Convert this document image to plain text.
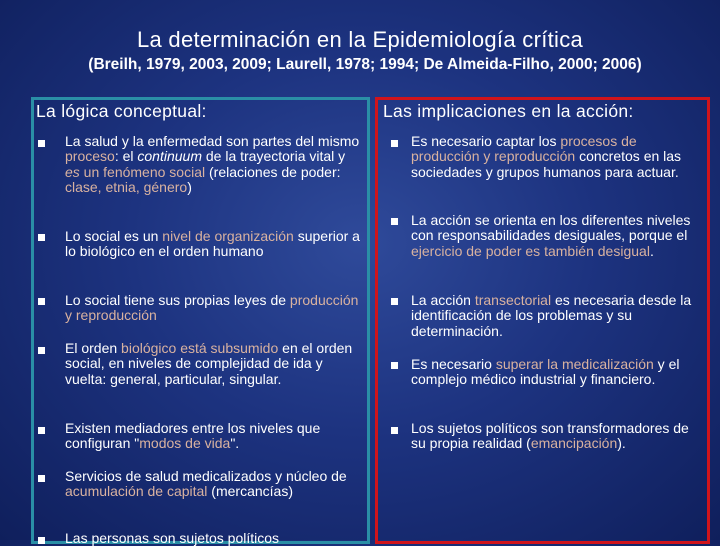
La determinación en la Epidemiología crítica
(Breilh, 1979, 2003, 2009; Laurell, 1978; 1994; De Almeida-Filho, 2000; 2006)
La lógica conceptual:	Las implicaciones en la acción:
La salud y la enfermedad son partes del mismo proceso: el continuum de la trayectoria vital y es un fenómeno social (relaciones de poder: clase, etnia, género)
Lo social es un nivel de organización superior a lo biológico en el orden humano
Lo social tiene sus propias leyes de producción y reproducción
El orden biológico está subsumido en el orden social, en niveles de complejidad de ida y vuelta: general, particular, singular.
Existen mediadores entre los niveles que configuran "modos de vida".
Servicios de salud medicalizados y núcleo de acumulación de capital (mercancías)
Las personas son sujetos políticos
Es necesario captar los procesos de producción y reproducción concretos en las sociedades y grupos humanos para actuar.
La acción se orienta en los diferentes niveles con responsabilidades desiguales, porque el ejercicio de poder es también desigual.
La acción transectorial es necesaria desde la identificación de los problemas y su determinación.
Es necesario superar la medicalización y el complejo médico industrial y financiero.
Los sujetos políticos son transformadores de su propia realidad (emancipación).
